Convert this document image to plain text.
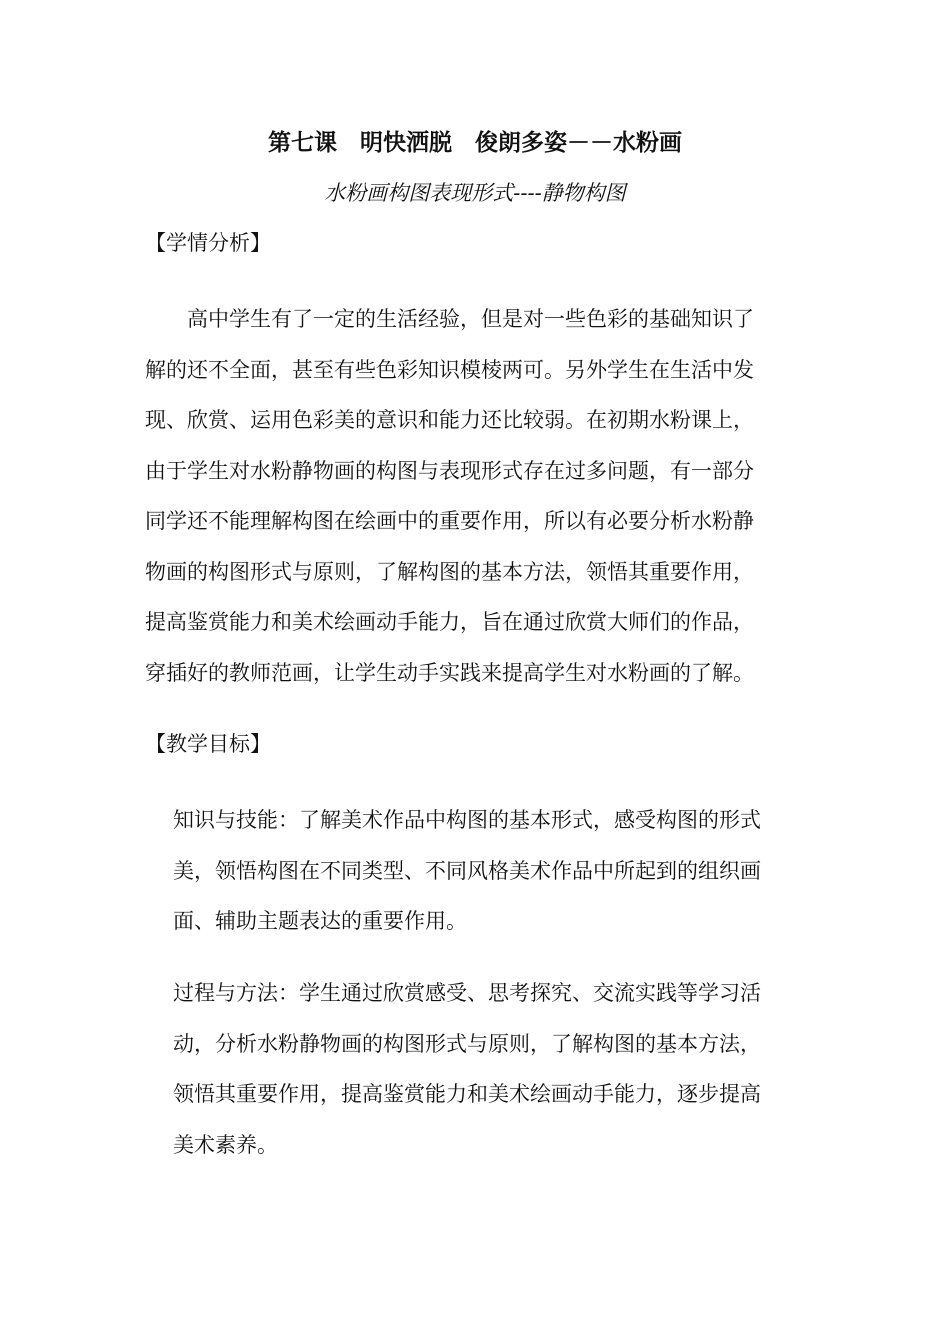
第七课　明快洒脱　俊朗多姿－－水粉画
水粉画构图表现形式----静物构图
【学情分析】
　　高中学生有了一定的生活经验，但是对一些色彩的基础知识了
解的还不全面，甚至有些色彩知识模棱两可。另外学生在生活中发
现、欣赏、运用色彩美的意识和能力还比较弱。在初期水粉课上，
由于学生对水粉静物画的构图与表现形式存在过多问题，有一部分
同学还不能理解构图在绘画中的重要作用，所以有必要分析水粉静
物画的构图形式与原则，了解构图的基本方法，领悟其重要作用，
提高鉴赏能力和美术绘画动手能力，旨在通过欣赏大师们的作品，
穿插好的教师范画，让学生动手实践来提高学生对水粉画的了解。
【教学目标】
知识与技能：了解美术作品中构图的基本形式，感受构图的形式
美，领悟构图在不同类型、不同风格美术作品中所起到的组织画
面、辅助主题表达的重要作用。
过程与方法：学生通过欣赏感受、思考探究、交流实践等学习活
动，分析水粉静物画的构图形式与原则，了解构图的基本方法，
领悟其重要作用，提高鉴赏能力和美术绘画动手能力，逐步提高
美术素养。
